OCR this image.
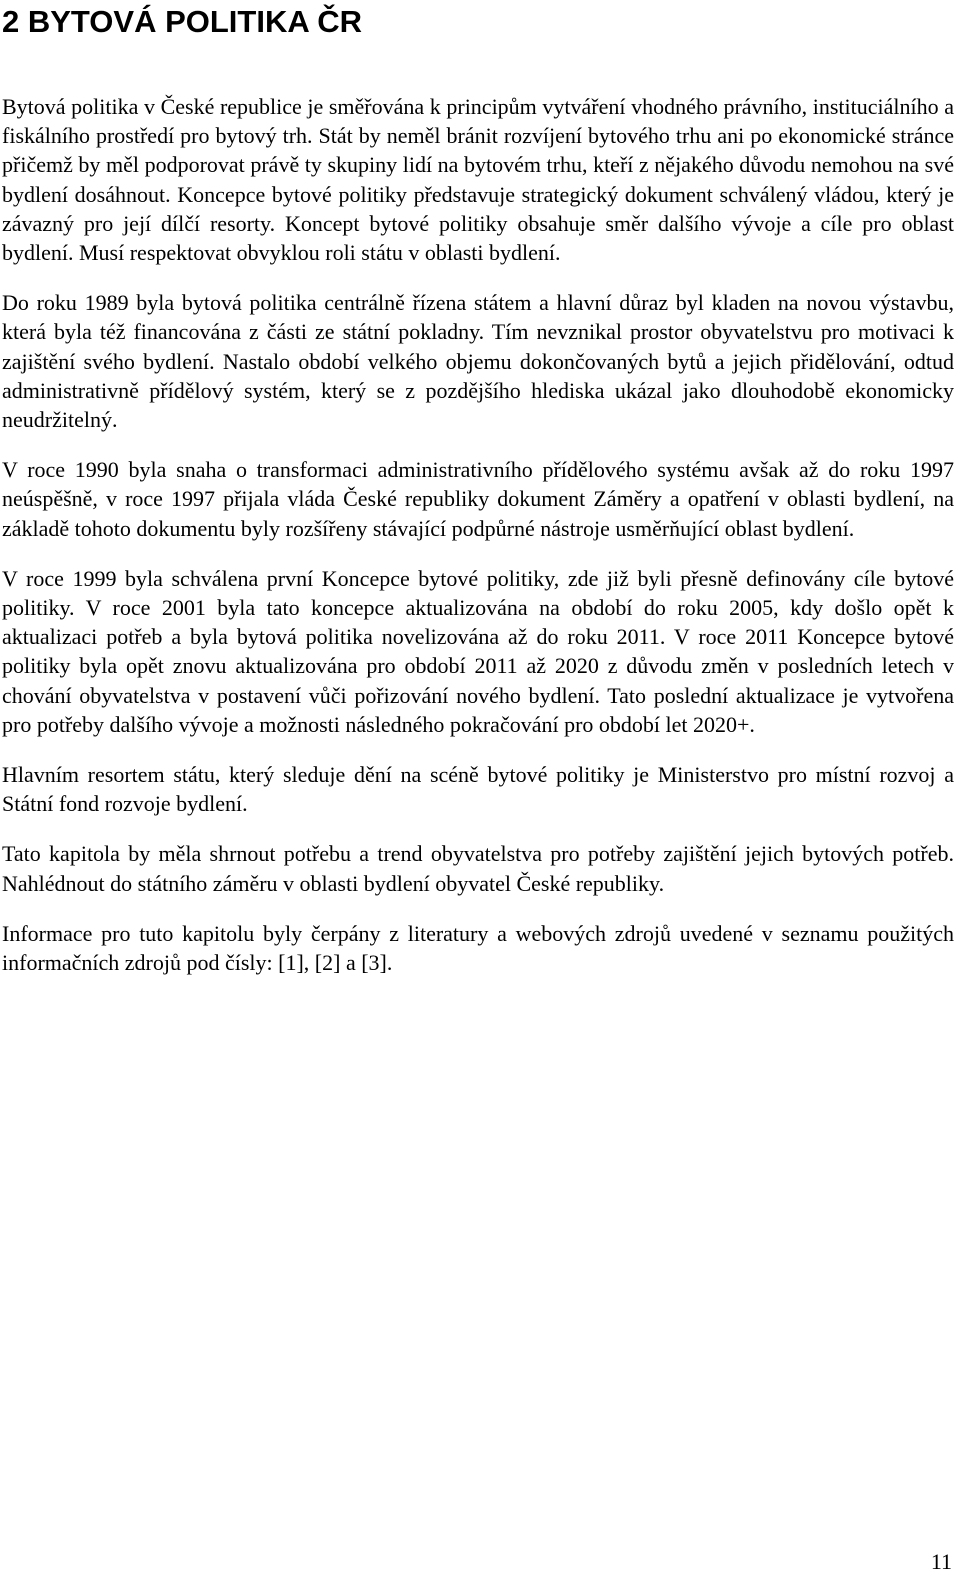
2 BYTOVÁ POLITIKA ČR

Bytová politika v České republice je směřována k principům vytváření vhodného právního, instituciálního a fiskálního prostředí pro bytový trh. Stát by neměl bránit rozvíjení bytového trhu ani po ekonomické stránce přičemž by měl podporovat právě ty skupiny lidí na bytovém trhu, kteří z nějakého důvodu nemohou na své bydlení dosáhnout. Koncepce bytové politiky představuje strategický dokument schválený vládou, který je závazný pro její dílčí resorty. Koncept bytové politiky obsahuje směr dalšího vývoje a cíle pro oblast bydlení. Musí respektovat obvyklou roli státu v oblasti bydlení.

Do roku 1989 byla bytová politika centrálně řízena státem a hlavní důraz byl kladen na novou výstavbu, která byla též financována z části ze státní pokladny. Tím nevznikal prostor obyvatelstvu pro motivaci k zajištění svého bydlení. Nastalo období velkého objemu dokončovaných bytů a jejich přidělování, odtud administrativně přídělový systém, který se z pozdějšího hlediska ukázal jako dlouhodobě ekonomicky neudržitelný.

V roce 1990 byla snaha o transformaci administrativního přídělového systému avšak až do roku 1997 neúspěšně, v roce 1997 přijala vláda České republiky dokument Záměry a opatření v oblasti bydlení, na základě tohoto dokumentu byly rozšířeny stávající podpůrné nástroje usměrňující oblast bydlení.

V roce 1999 byla schválena první Koncepce bytové politiky, zde již byli přesně definovány cíle bytové politiky. V roce 2001 byla tato koncepce aktualizována na období do roku 2005, kdy došlo opět k aktualizaci potřeb a byla bytová politika novelizována až do roku 2011. V roce 2011 Koncepce bytové politiky byla opět znovu aktualizována pro období 2011 až 2020 z důvodu změn v posledních letech v chování obyvatelstva v postavení vůči pořizování nového bydlení. Tato poslední aktualizace je vytvořena pro potřeby dalšího vývoje a možnosti následného pokračování pro období let 2020+.

Hlavním resortem státu, který sleduje dění na scéně bytové politiky je Ministerstvo pro místní rozvoj a Státní fond rozvoje bydlení.

Tato kapitola by měla shrnout potřebu a trend obyvatelstva pro potřeby zajištění jejich bytových potřeb. Nahlédnout do státního záměru v oblasti bydlení obyvatel České republiky.

Informace pro tuto kapitolu byly čerpány z literatury a webových zdrojů uvedené v seznamu použitých informačních zdrojů pod čísly: [1], [2] a [3].

11
